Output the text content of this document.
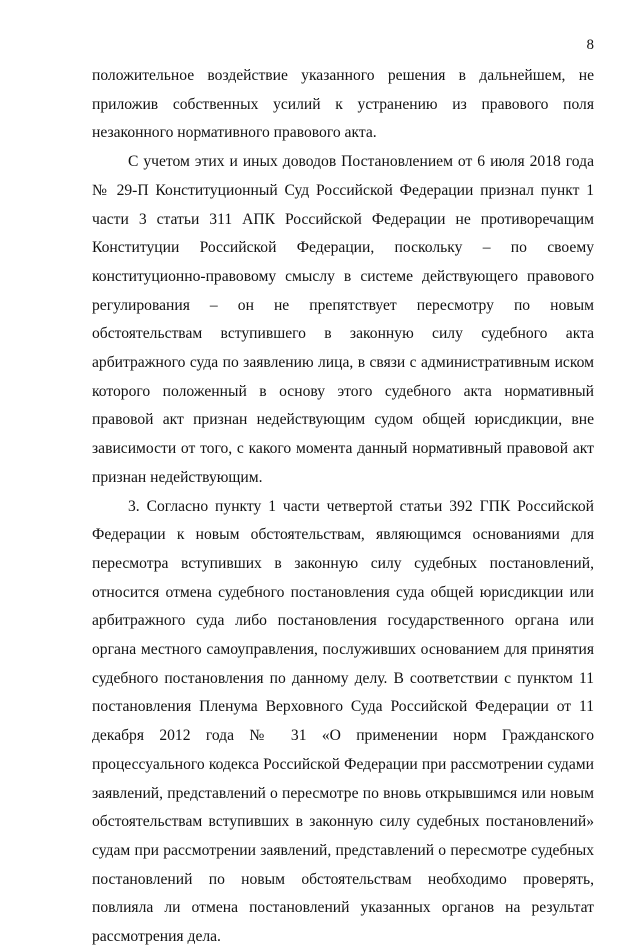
8

положительное воздействие указанного решения в дальнейшем, не приложив собственных усилий к устранению из правового поля незаконного нормативного правового акта.

С учетом этих и иных доводов Постановлением от 6 июля 2018 года № 29-П Конституционный Суд Российской Федерации признал пункт 1 части 3 статьи 311 АПК Российской Федерации не противоречащим Конституции Российской Федерации, поскольку – по своему конституционно-правовому смыслу в системе действующего правового регулирования – он не препятствует пересмотру по новым обстоятельствам вступившего в законную силу судебного акта арбитражного суда по заявлению лица, в связи с административным иском которого положенный в основу этого судебного акта нормативный правовой акт признан недействующим судом общей юрисдикции, вне зависимости от того, с какого момента данный нормативный правовой акт признан недействующим.

3. Согласно пункту 1 части четвертой статьи 392 ГПК Российской Федерации к новым обстоятельствам, являющимся основаниями для пересмотра вступивших в законную силу судебных постановлений, относится отмена судебного постановления суда общей юрисдикции или арбитражного суда либо постановления государственного органа или органа местного самоуправления, послуживших основанием для принятия судебного постановления по данному делу. В соответствии с пунктом 11 постановления Пленума Верховного Суда Российской Федерации от 11 декабря 2012 года № 31 «О применении норм Гражданского процессуального кодекса Российской Федерации при рассмотрении судами заявлений, представлений о пересмотре по вновь открывшимся или новым обстоятельствам вступивших в законную силу судебных постановлений» судам при рассмотрении заявлений, представлений о пересмотре судебных постановлений по новым обстоятельствам необходимо проверять, повлияла ли отмена постановлений указанных органов на результат рассмотрения дела.
